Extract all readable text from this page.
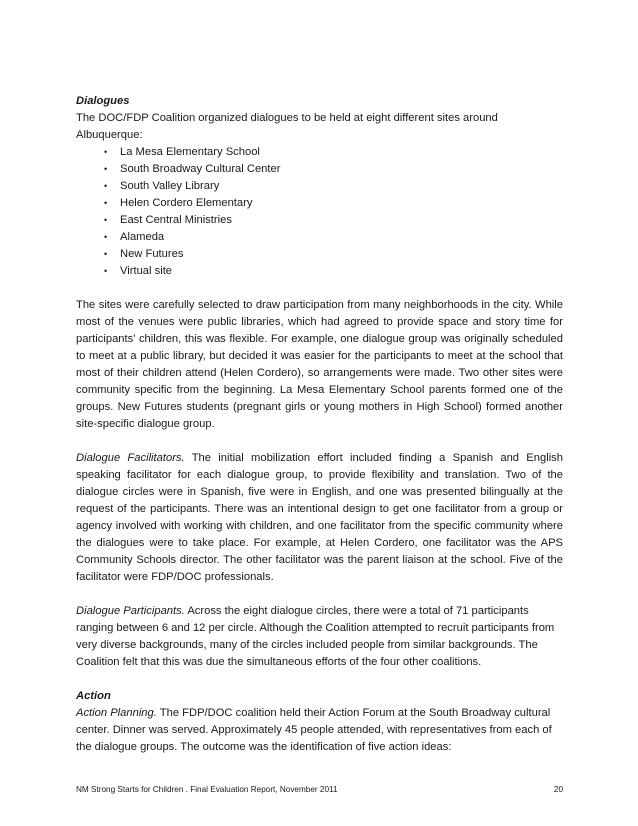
Dialogues

The DOC/FDP Coalition organized dialogues to be held at eight different sites around Albuquerque:

•	La Mesa Elementary School
•	South Broadway Cultural Center
•	South Valley Library
•	Helen Cordero Elementary
•	East Central Ministries
•	Alameda
•	New Futures
•	Virtual site

The sites were carefully selected to draw participation from many neighborhoods in the city. While most of the venues were public libraries, which had agreed to provide space and story time for participants' children, this was flexible. For example, one dialogue group was originally scheduled to meet at a public library, but decided it was easier for the participants to meet at the school that most of their children attend (Helen Cordero), so arrangements were made. Two other sites were community specific from the beginning. La Mesa Elementary School parents formed one of the groups. New Futures students (pregnant girls or young mothers in High School) formed another site-specific dialogue group.

Dialogue Facilitators. The initial mobilization effort included finding a Spanish and English speaking facilitator for each dialogue group, to provide flexibility and translation. Two of the dialogue circles were in Spanish, five were in English, and one was presented bilingually at the request of the participants. There was an intentional design to get one facilitator from a group or agency involved with working with children, and one facilitator from the specific community where the dialogues were to take place. For example, at Helen Cordero, one facilitator was the APS Community Schools director. The other facilitator was the parent liaison at the school. Five of the facilitator were FDP/DOC professionals.

Dialogue Participants. Across the eight dialogue circles, there were a total of 71 participants ranging between 6 and 12 per circle. Although the Coalition attempted to recruit participants from very diverse backgrounds, many of the circles included people from similar backgrounds. The Coalition felt that this was due the simultaneous efforts of the four other coalitions.

Action

Action Planning. The FDP/DOC coalition held their Action Forum at the South Broadway cultural center. Dinner was served. Approximately 45 people attended, with representatives from each of the dialogue groups. The outcome was the identification of five action ideas:

NM Strong Starts for Children . Final Evaluation Report, November 2011	20
